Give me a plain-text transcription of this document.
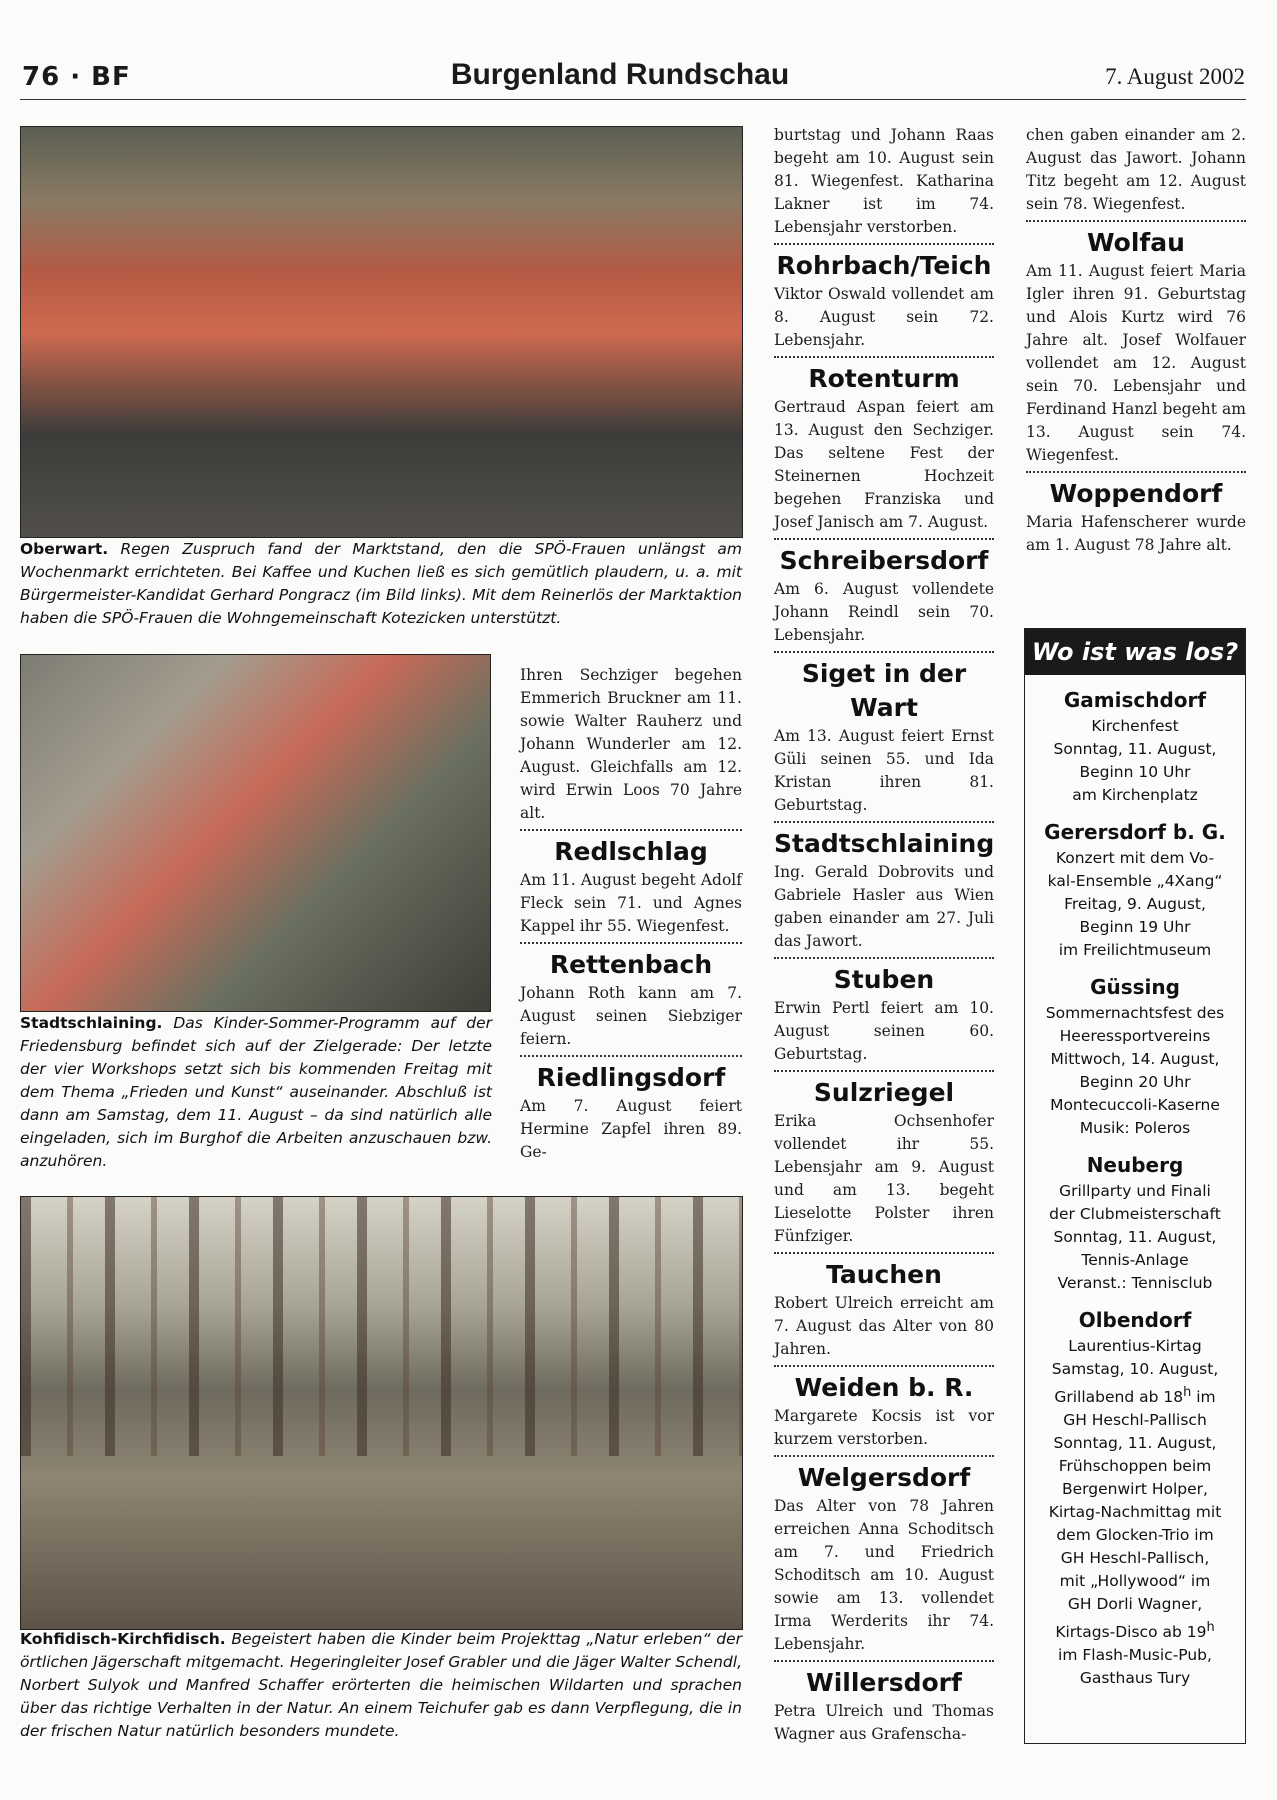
76 · BF	Burgenland Rundschau	7. August 2002
Oberwart. Regen Zuspruch fand der Marktstand, den die SPÖ-Frauen unlängst am Wochenmarkt errichteten. Bei Kaffee und Kuchen ließ es sich gemütlich plaudern, u. a. mit Bürgermeister-Kandidat Gerhard Pongracz (im Bild links). Mit dem Reinerlös der Marktaktion haben die SPÖ-Frauen die Wohngemeinschaft Kotezicken unterstützt.
Stadtschlaining. Das Kinder-Sommer-Programm auf der Friedensburg befindet sich auf der Zielgerade: Der letzte der vier Workshops setzt sich bis kommenden Freitag mit dem Thema „Frieden und Kunst“ auseinander. Abschluß ist dann am Samstag, dem 11. August – da sind natürlich alle eingeladen, sich im Burghof die Arbeiten anzuschauen bzw. anzuhören.
Kohfidisch-Kirchfidisch. Begeistert haben die Kinder beim Projekttag „Natur erleben“ der örtlichen Jägerschaft mitgemacht. Hegeringleiter Josef Grabler und die Jäger Walter Schendl, Norbert Sulyok und Manfred Schaffer erörterten die heimischen Wildarten und sprachen über das richtige Verhalten in der Natur. An einem Teichufer gab es dann Verpflegung, die in der frischen Natur natürlich besonders mundete.

Ihren Sechziger begehen Emmerich Bruckner am 11. sowie Walter Rauherz und Johann Wunderler am 12. August. Gleichfalls am 12. wird Erwin Loos 70 Jahre alt.

Redlschlag

Am 11. August begeht Adolf Fleck sein 71. und Agnes Kappel ihr 55. Wiegenfest.

Rettenbach

Johann Roth kann am 7. August seinen Siebziger feiern.

Riedlingsdorf

Am 7. August feiert Hermine Zapfel ihren 89. Ge-

burtstag und Johann Raas begeht am 10. August sein 81. Wiegenfest. Katharina Lakner ist im 74. Lebensjahr verstorben.

Rohrbach/Teich

Viktor Oswald vollendet am 8. August sein 72. Lebensjahr.

Rotenturm

Gertraud Aspan feiert am 13. August den Sechziger. Das seltene Fest der Steinernen Hochzeit begehen Franziska und Josef Janisch am 7. August.

Schreibersdorf

Am 6. August vollendete Johann Reindl sein 70. Lebensjahr.

Siget in der Wart

Am 13. August feiert Ernst Güli seinen 55. und Ida Kristan ihren 81. Geburtstag.

Stadtschlaining

Ing. Gerald Dobrovits und Gabriele Hasler aus Wien gaben einander am 27. Juli das Jawort.

Stuben

Erwin Pertl feiert am 10. August seinen 60. Geburtstag.

Sulzriegel

Erika Ochsenhofer vollendet ihr 55. Lebensjahr am 9. August und am 13. begeht Lieselotte Polster ihren Fünfziger.

Tauchen

Robert Ulreich erreicht am 7. August das Alter von 80 Jahren.

Weiden b. R.

Margarete Kocsis ist vor kurzem verstorben.

Welgersdorf

Das Alter von 78 Jahren erreichen Anna Schoditsch am 7. und Friedrich Schoditsch am 10. August sowie am 13. vollendet Irma Werderits ihr 74. Lebensjahr.

Willersdorf

Petra Ulreich und Thomas Wagner aus Grafenscha-

chen gaben einander am 2. August das Jawort. Johann Titz begeht am 12. August sein 78. Wiegenfest.

Wolfau

Am 11. August feiert Maria Igler ihren 91. Geburtstag und Alois Kurtz wird 76 Jahre alt. Josef Wolfauer vollendet am 12. August sein 70. Lebensjahr und Ferdinand Hanzl begeht am 13. August sein 74. Wiegenfest.

Woppendorf

Maria Hafenscherer wurde am 1. August 78 Jahre alt.

Wo ist was los?
Gamischdorf
Kirchenfest
Sonntag, 11. August,
Beginn 10 Uhr
am Kirchenplatz
Gerersdorf b. G.
Konzert mit dem Vo-
kal-Ensemble „4Xang“
Freitag, 9. August,
Beginn 19 Uhr
im Freilichtmuseum
Güssing
Sommernachtsfest des
Heeressportvereins
Mittwoch, 14. August,
Beginn 20 Uhr
Montecuccoli-Kaserne
Musik: Poleros
Neuberg
Grillparty und Finali
der Clubmeisterschaft
Sonntag, 11. August,
Tennis-Anlage
Veranst.: Tennisclub
Olbendorf
Laurentius-Kirtag
Samstag, 10. August,
Grillabend ab 18$^h$ im
GH Heschl-Pallisch
Sonntag, 11. August,
Frühschoppen beim
Bergenwirt Holper,
Kirtag-Nachmittag mit
dem Glocken-Trio im
GH Heschl-Pallisch,
mit „Hollywood“ im
GH Dorli Wagner,
Kirtags-Disco ab 19$^h$
im Flash-Music-Pub,
Gasthaus Tury
